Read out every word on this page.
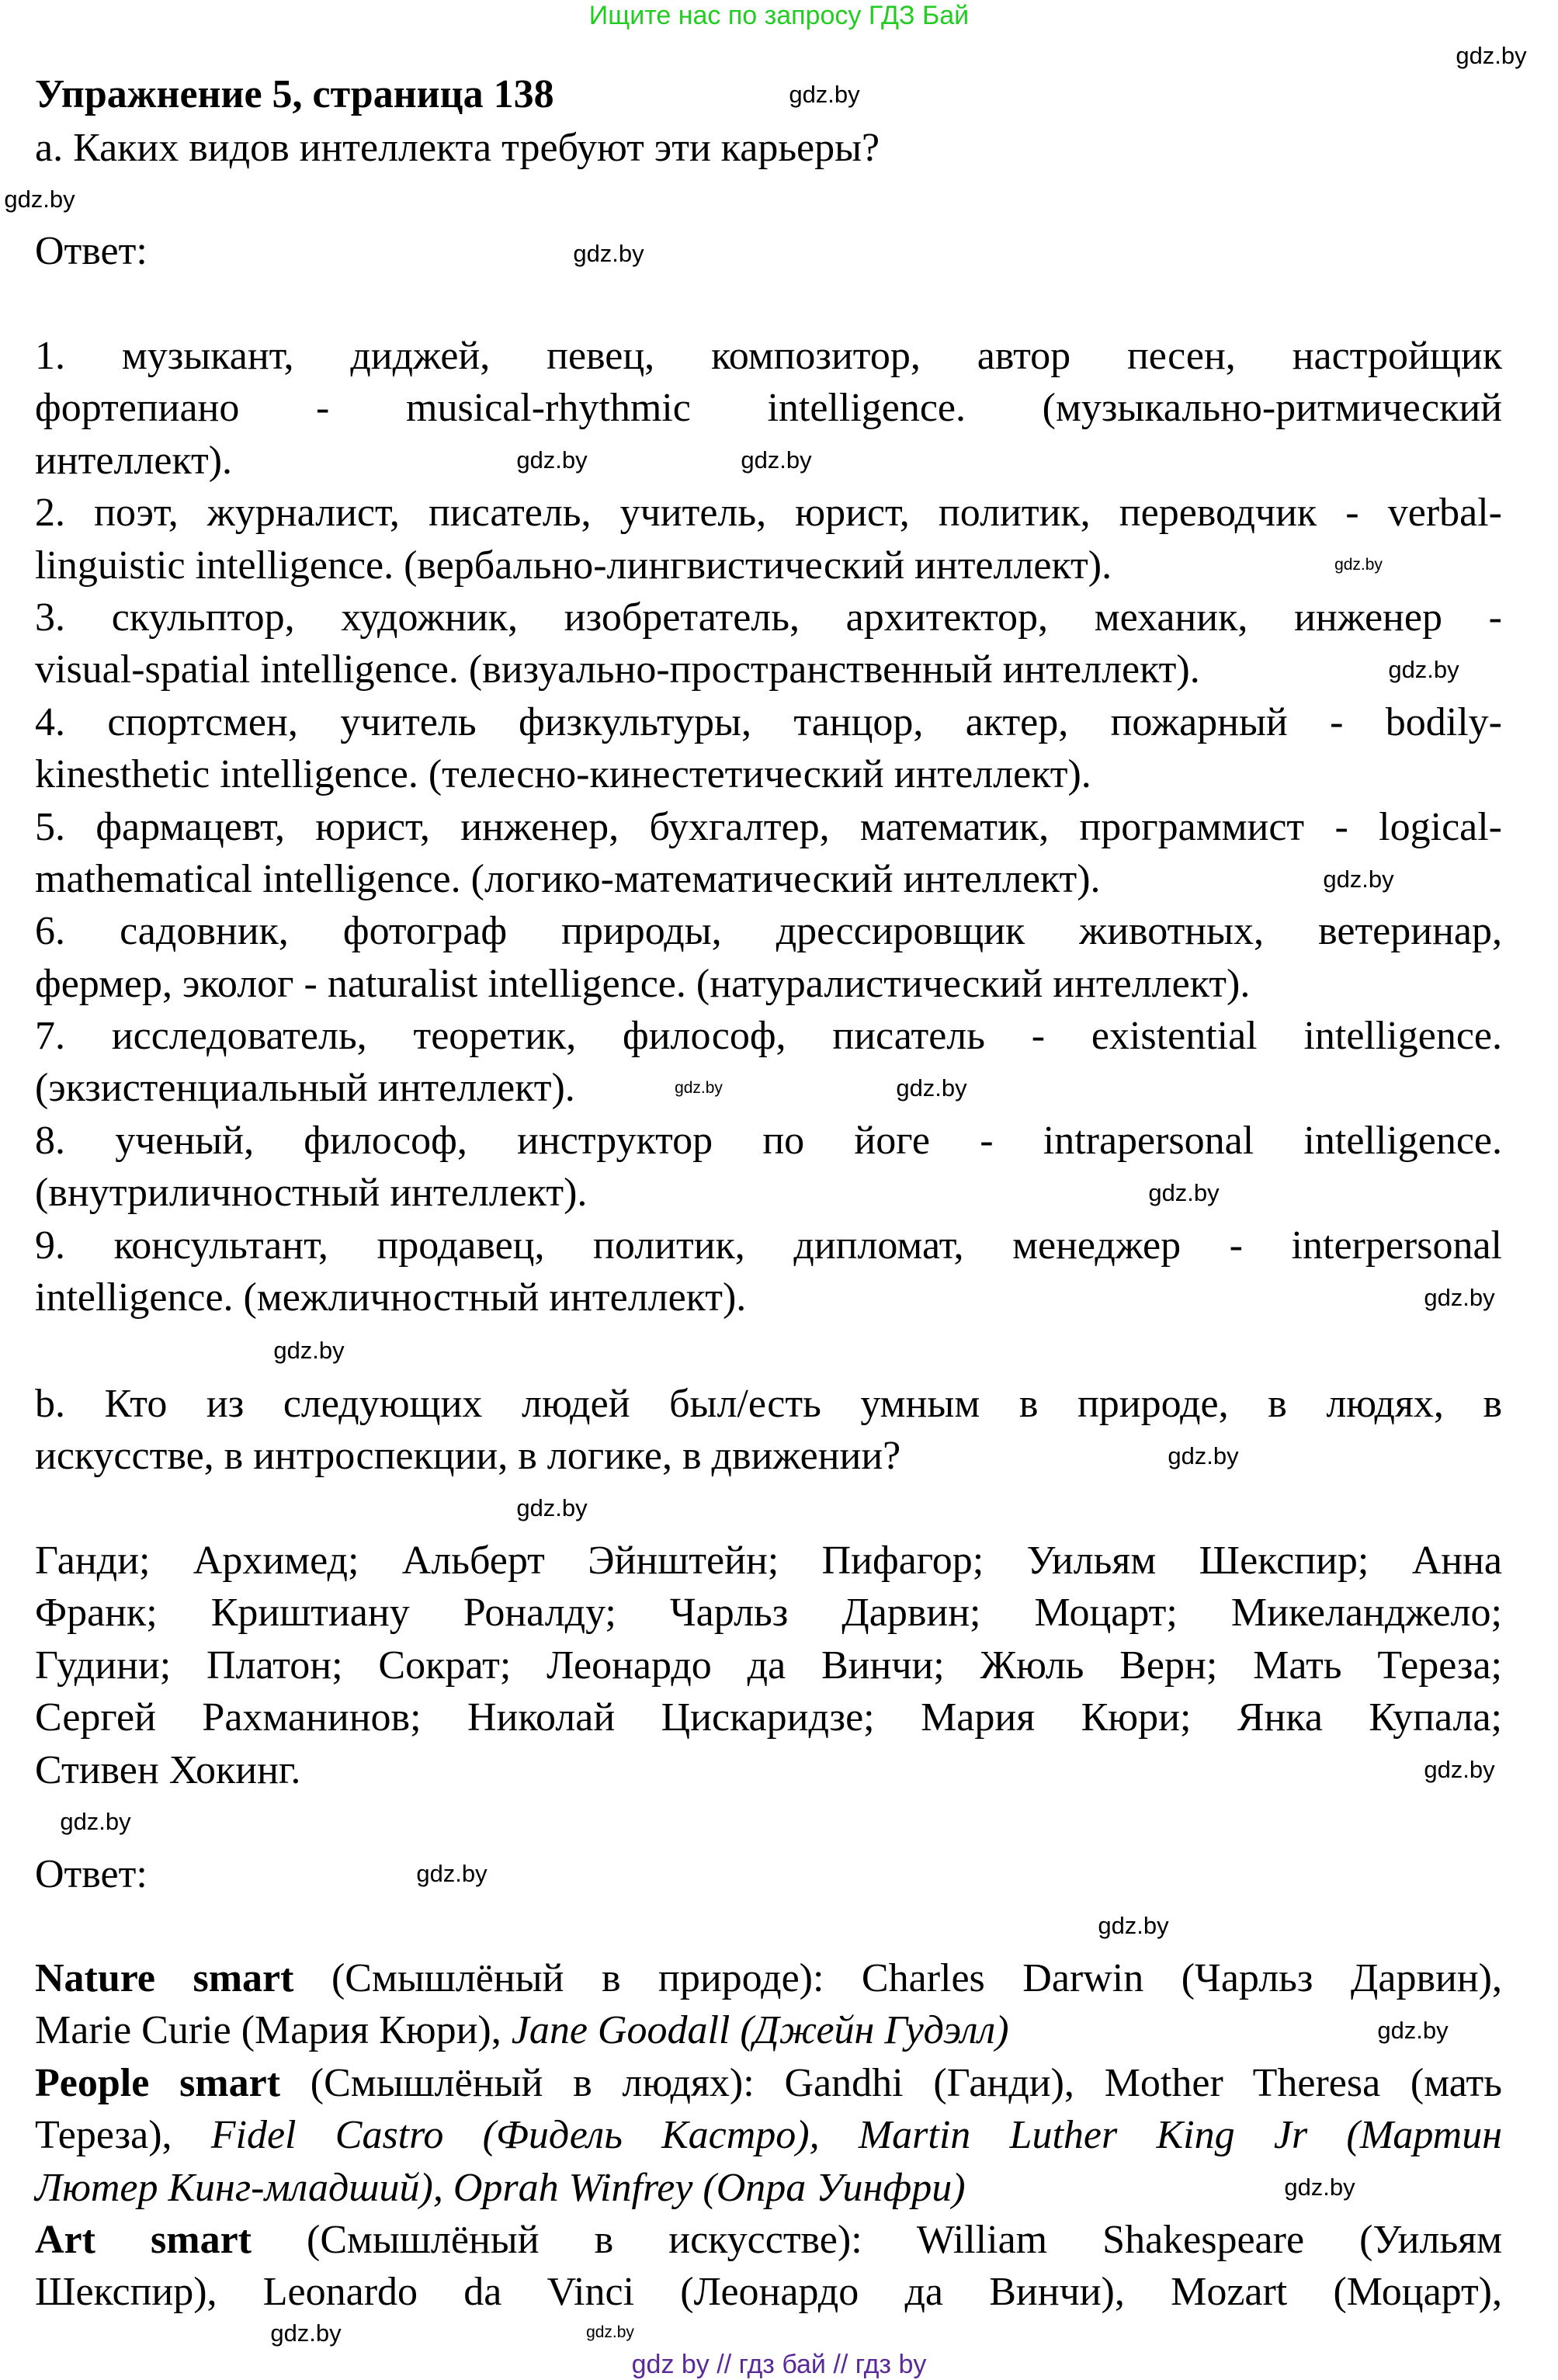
Ищите нас по запросу ГДЗ Бай
Упражнение 5, страница 138
а. Каких видов интеллекта требуют эти карьеры?
Ответ:
1. музыкант, диджей, певец, композитор, автор песен, настройщик
фортепиано - musical-rhythmic intelligence. (музыкально-ритмический
интеллект).
2. поэт, журналист, писатель, учитель, юрист, политик, переводчик - verbal-
linguistic intelligence. (вербально-лингвистический интеллект).
3. скульптор, художник, изобретатель, архитектор, механик, инженер -
visual-spatial intelligence. (визуально-пространственный интеллект).
4. спортсмен, учитель физкультуры, танцор, актер, пожарный - bodily-
kinesthetic intelligence. (телесно-кинестетический интеллект).
5. фармацевт, юрист, инженер, бухгалтер, математик, программист - logical-
mathematical intelligence. (логико-математический интеллект).
6. садовник, фотограф природы, дрессировщик животных, ветеринар,
фермер, эколог - naturalist intelligence. (натуралистический интеллект).
7. исследователь, теоретик, философ, писатель - existential intelligence.
(экзистенциальный интеллект).
8. ученый, философ, инструктор по йоге - intrapersonal intelligence.
(внутриличностный интеллект).
9. консультант, продавец, политик, дипломат, менеджер - interpersonal
intelligence. (межличностный интеллект).
b. Кто из следующих людей был/есть умным в природе, в людях, в
искусстве, в интроспекции, в логике, в движении?
Ганди; Архимед; Альберт Эйнштейн; Пифагор; Уильям Шекспир; Анна
Франк; Криштиану Роналду; Чарльз Дарвин; Моцарт; Микеланджело;
Гудини; Платон; Сократ; Леонардо да Винчи; Жюль Верн; Мать Тереза;
Сергей Рахманинов; Николай Цискаридзе; Мария Кюри; Янка Купала;
Стивен Хокинг.
Ответ:
Nature smart (Смышлёный в природе): Charles Darwin (Чарльз Дарвин),
Marie Curie (Мария Кюри), Jane Goodall (Джейн Гудэлл)
People smart (Смышлёный в людях): Gandhi (Ганди), Mother Theresa (мать
Тереза), Fidel Castro (Фидель Кастро), Martin Luther King Jr (Мартин
Лютер Кинг-младший), Oprah Winfrey (Опра Уинфри)
Art smart (Смышлёный в искусстве): William Shakespeare (Уильям
Шекспир), Leonardo da Vinci (Леонардо да Винчи), Mozart (Моцарт),
gdz.by
gdz.by
gdz.by
gdz.by
gdz.by	gdz.by
gdz.by
gdz.by
gdz.by
gdz.by	gdz.by
gdz.by
gdz.by
gdz.by
gdz.by
gdz.by
gdz.by
gdz.by
gdz.by
gdz.by
gdz.by
gdz.by
gdz.by
gdz.by
gdz by // гдз бай // гдз by
